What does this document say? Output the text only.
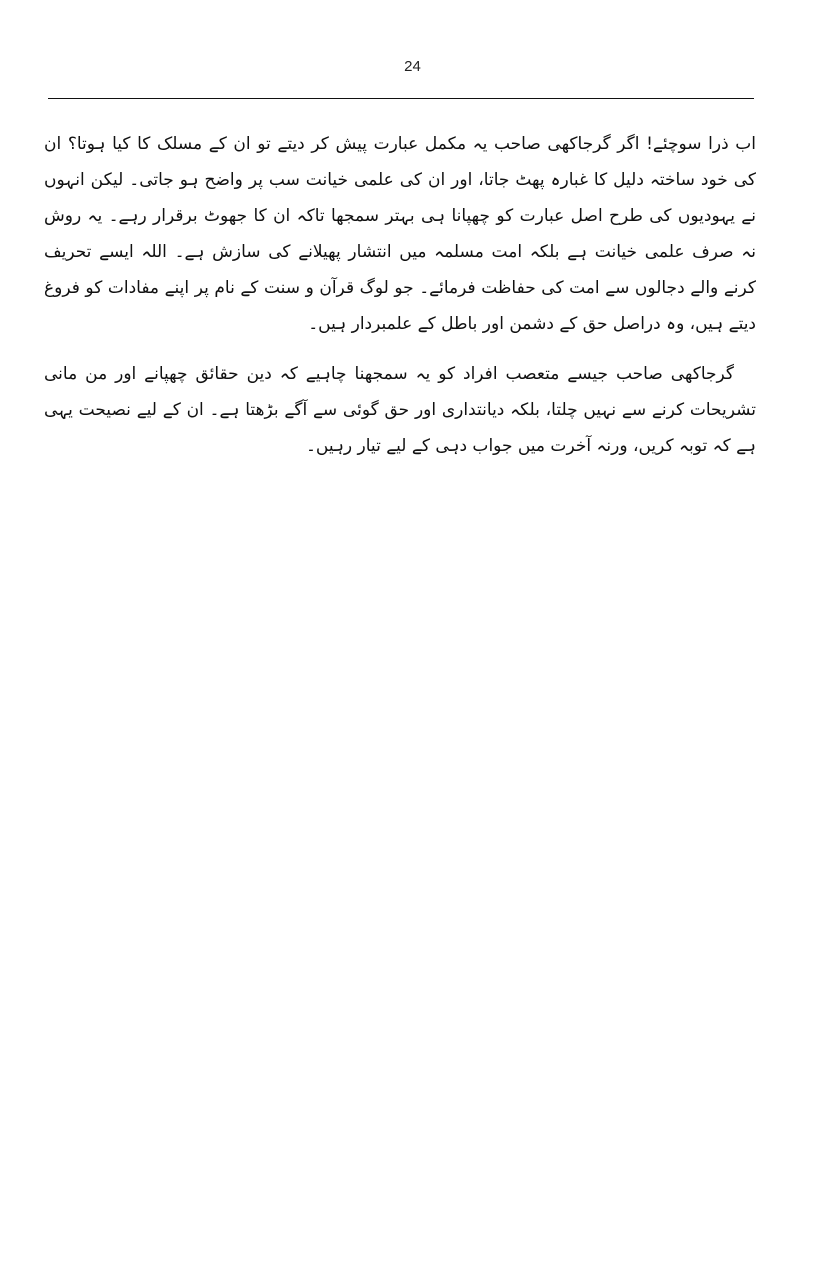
24

اب ذرا سوچئے! اگر گرجاکھی صاحب یہ مکمل عبارت پیش کر دیتے تو ان کے مسلک کا کیا ہوتا؟ ان کی خود ساختہ دلیل کا غبارہ پھٹ جاتا، اور ان کی علمی خیانت سب پر واضح ہو جاتی۔ لیکن انہوں نے یہودیوں کی طرح اصل عبارت کو چھپانا ہی بہتر سمجھا تاکہ ان کا جھوٹ برقرار رہے۔ یہ روش نہ صرف علمی خیانت ہے بلکہ امت مسلمہ میں انتشار پھیلانے کی سازش ہے۔ اللہ ایسے تحریف کرنے والے دجالوں سے امت کی حفاظت فرمائے۔ جو لوگ قرآن و سنت کے نام پر اپنے مفادات کو فروغ دیتے ہیں، وہ دراصل حق کے دشمن اور باطل کے علمبردار ہیں۔

گرجاکھی صاحب جیسے متعصب افراد کو یہ سمجھنا چاہیے کہ دین حقائق چھپانے اور من مانی تشریحات کرنے سے نہیں چلتا، بلکہ دیانتداری اور حق گوئی سے آگے بڑھتا ہے۔ ان کے لیے نصیحت یہی ہے کہ توبہ کریں، ورنہ آخرت میں جواب دہی کے لیے تیار رہیں۔
